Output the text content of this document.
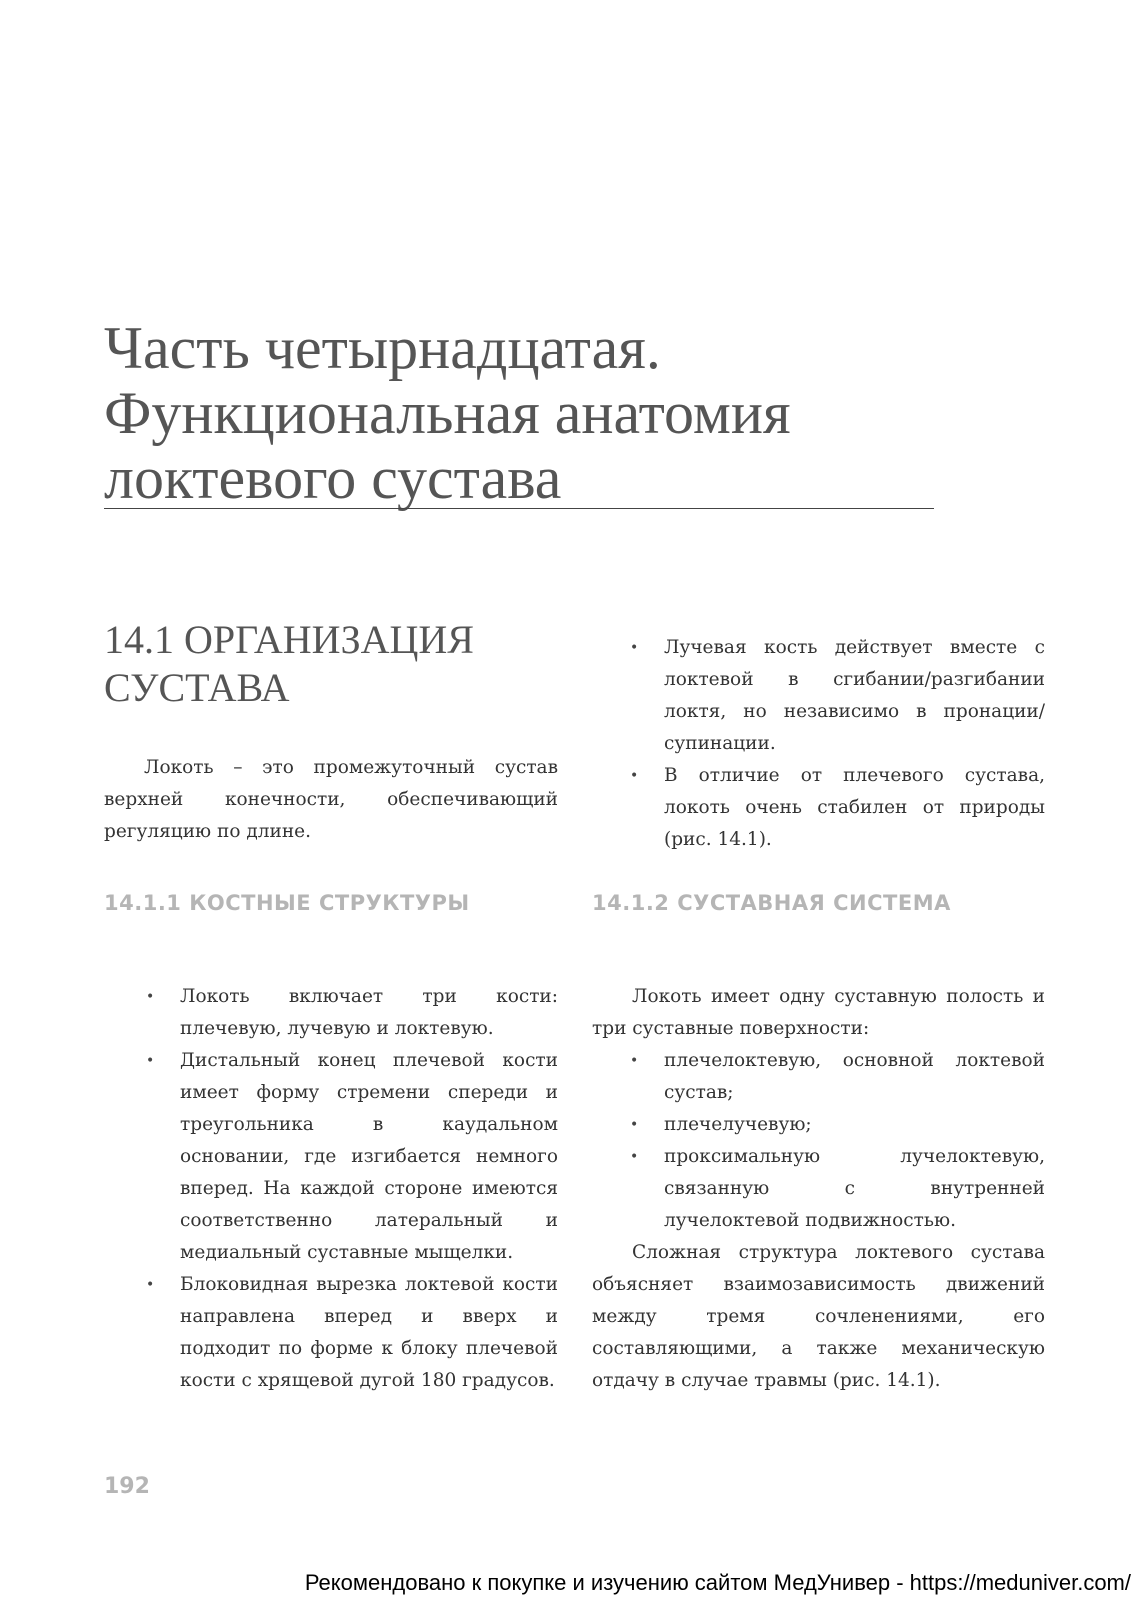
Часть четырнадцатая.
Функциональная анатомия
локтевого сустава
14.1 ОРГАНИЗАЦИЯ
СУСТАВА

Локоть – это промежуточный сустав верхней конечности, обеспечивающий регуляцию по длине.

•	Лучевая кость действует вместе с локтевой в сгибании/разгибании локтя, но независимо в пронации/супинации.
•	В отличие от плечевого сустава, локоть очень стабилен от природы (рис. 14.1).
14.1.1 КОСТНЫЕ СТРУКТУРЫ	14.1.2 СУСТАВНАЯ СИСТЕМА
•	Локоть включает три кости: плечевую, лучевую и локтевую.
•	Дистальный конец плечевой кости имеет форму стремени спереди и треугольника в каудальном основании, где изгибается немного вперед. На каждой стороне имеются соответственно латеральный и медиальный суставные мыщелки.
•	Блоковидная вырезка локтевой кости направлена вперед и вверх и подходит по форме к блоку плечевой кости с хрящевой дугой 180 градусов.

Локоть имеет одну суставную полость и три суставные поверхности:

•	плечелоктевую, основной локтевой сустав;
•	плечелучевую;
•	проксимальную лучелоктевую, связанную с внутренней лучелоктевой подвижностью.

Сложная структура локтевого сустава объясняет взаимозависимость движений между тремя сочленениями, его составляющими, а также механическую отдачу в случае травмы (рис. 14.1).

192

Рекомендовано к покупке и изучению сайтом МедУнивер - https://meduniver.com/
